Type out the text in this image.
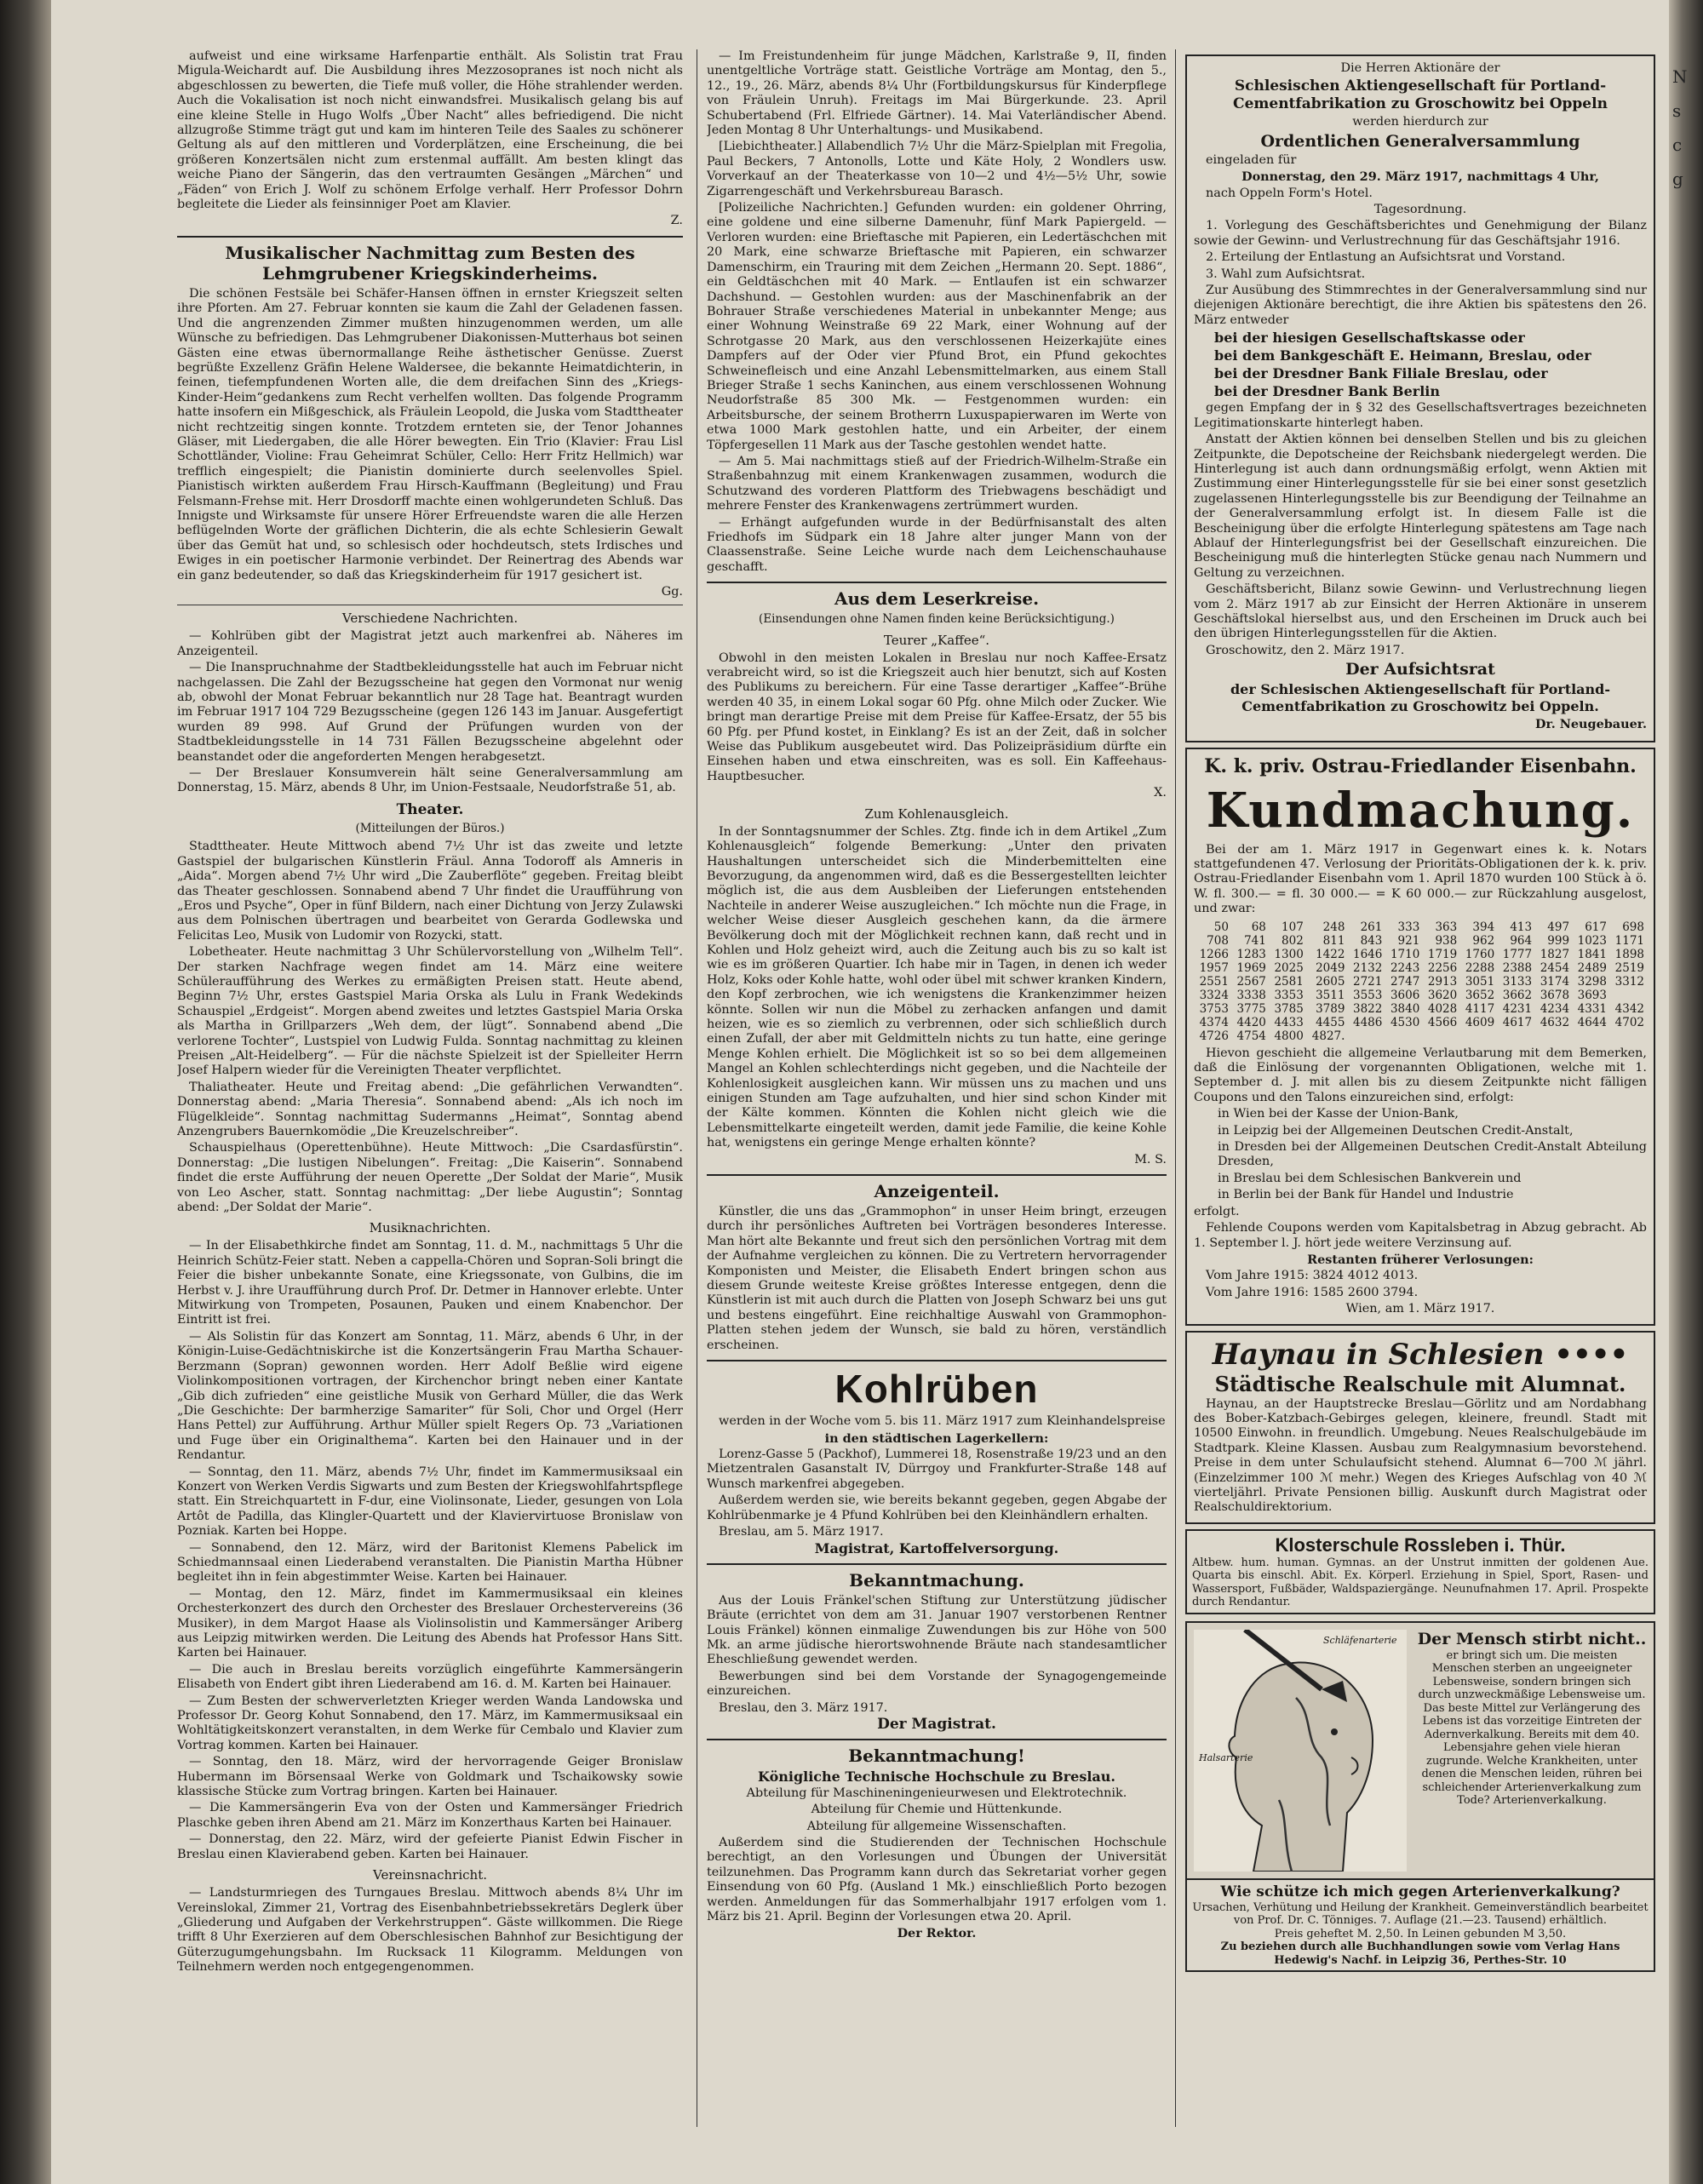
N
s
c
g

aufweist und eine wirksame Harfenpartie enthält. Als Solistin trat Frau Migula-Weichardt auf. Die Ausbildung ihres Mezzosopranes ist noch nicht als abgeschlossen zu bewerten, die Tiefe muß voller, die Höhe strahlender werden. Auch die Vokalisation ist noch nicht einwandsfrei. Musikalisch gelang bis auf eine kleine Stelle in Hugo Wolfs „Über Nacht“ alles befriedigend. Die nicht allzugroße Stimme trägt gut und kam im hinteren Teile des Saales zu schönerer Geltung als auf den mittleren und Vorderplätzen, eine Erscheinung, die bei größeren Konzertsälen nicht zum erstenmal auffällt. Am besten klingt das weiche Piano der Sängerin, das den vertraumten Gesängen „Märchen“ und „Fäden“ von Erich J. Wolf zu schönem Erfolge verhalf. Herr Professor Dohrn begleitete die Lieder als feinsinniger Poet am Klavier.

Z.

Musikalischer Nachmittag zum Besten des Lehmgrubener Kriegskinderheims.

Die schönen Festsäle bei Schäfer-Hansen öffnen in ernster Kriegszeit selten ihre Pforten. Am 27. Februar konnten sie kaum die Zahl der Geladenen fassen. Und die angrenzenden Zimmer mußten hinzugenommen werden, um alle Wünsche zu befriedigen. Das Lehmgrubener Diakonissen-Mutterhaus bot seinen Gästen eine etwas übernormallange Reihe ästhetischer Genüsse. Zuerst begrüßte Exzellenz Gräfin Helene Waldersee, die bekannte Heimatdichterin, in feinen, tiefempfundenen Worten alle, die dem dreifachen Sinn des „Kriegs-Kinder-Heim“gedankens zum Recht verhelfen wollten. Das folgende Programm hatte insofern ein Mißgeschick, als Fräulein Leopold, die Juska vom Stadttheater nicht rechtzeitig singen konnte. Trotzdem ernteten sie, der Tenor Johannes Gläser, mit Liedergaben, die alle Hörer bewegten. Ein Trio (Klavier: Frau Lisl Schottländer, Violine: Frau Geheimrat Schüler, Cello: Herr Fritz Hellmich) war trefflich eingespielt; die Pianistin dominierte durch seelenvolles Spiel. Pianistisch wirkten außerdem Frau Hirsch-Kauffmann (Begleitung) und Frau Felsmann-Frehse mit. Herr Drosdorff machte einen wohlgerundeten Schluß. Das Innigste und Wirksamste für unsere Hörer Erfreuendste waren die alle Herzen beflügelnden Worte der gräflichen Dichterin, die als echte Schlesierin Gewalt über das Gemüt hat und, so schlesisch oder hochdeutsch, stets Irdisches und Ewiges in ein poetischer Harmonie verbindet. Der Reinertrag des Abends war ein ganz bedeutender, so daß das Kriegskinderheim für 1917 gesichert ist.

Gg.

Verschiedene Nachrichten.

— Kohlrüben gibt der Magistrat jetzt auch markenfrei ab. Näheres im Anzeigenteil.

— Die Inanspruchnahme der Stadtbekleidungsstelle hat auch im Februar nicht nachgelassen. Die Zahl der Bezugsscheine hat gegen den Vormonat nur wenig ab, obwohl der Monat Februar bekanntlich nur 28 Tage hat. Beantragt wurden im Februar 1917 104 729 Bezugsscheine (gegen 126 143 im Januar. Ausgefertigt wurden 89 998. Auf Grund der Prüfungen wurden von der Stadtbekleidungsstelle in 14 731 Fällen Bezugsscheine abgelehnt oder beanstandet oder die angeforderten Mengen herabgesetzt.

— Der Breslauer Konsumverein hält seine Generalversammlung am Donnerstag, 15. März, abends 8 Uhr, im Union-Festsaale, Neudorfstraße 51, ab.

Theater.

(Mitteilungen der Büros.)

Stadttheater. Heute Mittwoch abend 7½ Uhr ist das zweite und letzte Gastspiel der bulgarischen Künstlerin Fräul. Anna Todoroff als Amneris in „Aida“. Morgen abend 7½ Uhr wird „Die Zauberflöte“ gegeben. Freitag bleibt das Theater geschlossen. Sonnabend abend 7 Uhr findet die Uraufführung von „Eros und Psyche“, Oper in fünf Bildern, nach einer Dichtung von Jerzy Zulawski aus dem Polnischen übertragen und bearbeitet von Gerarda Godlewska und Felicitas Leo, Musik von Ludomir von Rozycki, statt.

Lobetheater. Heute nachmittag 3 Uhr Schülervorstellung von „Wilhelm Tell“. Der starken Nachfrage wegen findet am 14. März eine weitere Schüleraufführung des Werkes zu ermäßigten Preisen statt. Heute abend, Beginn 7½ Uhr, erstes Gastspiel Maria Orska als Lulu in Frank Wedekinds Schauspiel „Erdgeist“. Morgen abend zweites und letztes Gastspiel Maria Orska als Martha in Grillparzers „Weh dem, der lügt“. Sonnabend abend „Die verlorene Tochter“, Lustspiel von Ludwig Fulda. Sonntag nachmittag zu kleinen Preisen „Alt-Heidelberg“. — Für die nächste Spielzeit ist der Spielleiter Herrn Josef Halpern wieder für die Vereinigten Theater verpflichtet.

Thaliatheater. Heute und Freitag abend: „Die gefährlichen Verwandten“. Donnerstag abend: „Maria Theresia“. Sonnabend abend: „Als ich noch im Flügelkleide“. Sonntag nachmittag Sudermanns „Heimat“, Sonntag abend Anzengrubers Bauernkomödie „Die Kreuzelschreiber“.

Schauspielhaus (Operettenbühne). Heute Mittwoch: „Die Csardasfürstin“. Donnerstag: „Die lustigen Nibelungen“. Freitag: „Die Kaiserin“. Sonnabend findet die erste Aufführung der neuen Operette „Der Soldat der Marie“, Musik von Leo Ascher, statt. Sonntag nachmittag: „Der liebe Augustin“; Sonntag abend: „Der Soldat der Marie“.

Musiknachrichten.

— In der Elisabethkirche findet am Sonntag, 11. d. M., nachmittags 5 Uhr die Heinrich Schütz-Feier statt. Neben a cappella-Chören und Sopran-Soli bringt die Feier die bisher unbekannte Sonate, eine Kriegssonate, von Gulbins, die im Herbst v. J. ihre Uraufführung durch Prof. Dr. Detmer in Hannover erlebte. Unter Mitwirkung von Trompeten, Posaunen, Pauken und einem Knabenchor. Der Eintritt ist frei.

— Als Solistin für das Konzert am Sonntag, 11. März, abends 6 Uhr, in der Königin-Luise-Gedächtniskirche ist die Konzertsängerin Frau Martha Schauer-Berzmann (Sopran) gewonnen worden. Herr Adolf Beßlie wird eigene Violinkompositionen vortragen, der Kirchenchor bringt neben einer Kantate „Gib dich zufrieden“ eine geistliche Musik von Gerhard Müller, die das Werk „Die Geschichte: Der barmherzige Samariter“ für Soli, Chor und Orgel (Herr Hans Pettel) zur Aufführung. Arthur Müller spielt Regers Op. 73 „Variationen und Fuge über ein Originalthema“. Karten bei den Hainauer und in der Rendantur.

— Sonntag, den 11. März, abends 7½ Uhr, findet im Kammermusiksaal ein Konzert von Werken Verdis Sigwarts und zum Besten der Kriegswohlfahrtspflege statt. Ein Streichquartett in F-dur, eine Violinsonate, Lieder, gesungen von Lola Artôt de Padilla, das Klingler-Quartett und der Klaviervirtuose Bronislaw von Pozniak. Karten bei Hoppe.

— Sonnabend, den 12. März, wird der Baritonist Klemens Pabelick im Schiedmannsaal einen Liederabend veranstalten. Die Pianistin Martha Hübner begleitet ihn in fein abgestimmter Weise. Karten bei Hainauer.

— Montag, den 12. März, findet im Kammermusiksaal ein kleines Orchesterkonzert des durch den Orchester des Breslauer Orchestervereins (36 Musiker), in dem Margot Haase als Violinsolistin und Kammersänger Ariberg aus Leipzig mitwirken werden. Die Leitung des Abends hat Professor Hans Sitt. Karten bei Hainauer.

— Die auch in Breslau bereits vorzüglich eingeführte Kammersängerin Elisabeth von Endert gibt ihren Liederabend am 16. d. M. Karten bei Hainauer.

— Zum Besten der schwerverletzten Krieger werden Wanda Landowska und Professor Dr. Georg Kohut Sonnabend, den 17. März, im Kammermusiksaal ein Wohltätigkeitskonzert veranstalten, in dem Werke für Cembalo und Klavier zum Vortrag kommen. Karten bei Hainauer.

— Sonntag, den 18. März, wird der hervorragende Geiger Bronislaw Hubermann im Börsensaal Werke von Goldmark und Tschaikowsky sowie klassische Stücke zum Vortrag bringen. Karten bei Hainauer.

— Die Kammersängerin Eva von der Osten und Kammersänger Friedrich Plaschke geben ihren Abend am 21. März im Konzerthaus Karten bei Hainauer.

— Donnerstag, den 22. März, wird der gefeierte Pianist Edwin Fischer in Breslau einen Klavierabend geben. Karten bei Hainauer.

Vereinsnachricht.

— Landsturmriegen des Turngaues Breslau. Mittwoch abends 8¼ Uhr im Vereinslokal, Zimmer 21, Vortrag des Eisenbahnbetriebssekretärs Deglerk über „Gliederung und Aufgaben der Verkehrstruppen“. Gäste willkommen. Die Riege trifft 8 Uhr Exerzieren auf dem Oberschlesischen Bahnhof zur Besichtigung der Güterzugumgehungsbahn. Im Rucksack 11 Kilogramm. Meldungen von Teilnehmern werden noch entgegengenommen.

— Im Freistundenheim für junge Mädchen, Karlstraße 9, II, finden unentgeltliche Vorträge statt. Geistliche Vorträge am Montag, den 5., 12., 19., 26. März, abends 8¼ Uhr (Fortbildungskursus für Kinderpflege von Fräulein Unruh). Freitags im Mai Bürgerkunde. 23. April Schubertabend (Frl. Elfriede Gärtner). 14. Mai Vaterländischer Abend. Jeden Montag 8 Uhr Unterhaltungs- und Musikabend.

[Liebichtheater.] Allabendlich 7½ Uhr die März-Spielplan mit Fregolia, Paul Beckers, 7 Antonolls, Lotte und Käte Holy, 2 Wondlers usw. Vorverkauf an der Theaterkasse von 10—2 und 4½—5½ Uhr, sowie Zigarrengeschäft und Verkehrsbureau Barasch.

[Polizeiliche Nachrichten.] Gefunden wurden: ein goldener Ohrring, eine goldene und eine silberne Damenuhr, fünf Mark Papiergeld. — Verloren wurden: eine Brieftasche mit Papieren, ein Ledertäschchen mit 20 Mark, eine schwarze Brieftasche mit Papieren, ein schwarzer Damenschirm, ein Trauring mit dem Zeichen „Hermann 20. Sept. 1886“, ein Geldtäschchen mit 40 Mark. — Entlaufen ist ein schwarzer Dachshund. — Gestohlen wurden: aus der Maschinenfabrik an der Bohrauer Straße verschiedenes Material in unbekannter Menge; aus einer Wohnung Weinstraße 69 22 Mark, einer Wohnung auf der Schrotgasse 20 Mark, aus den verschlossenen Heizerkajüte eines Dampfers auf der Oder vier Pfund Brot, ein Pfund gekochtes Schweinefleisch und eine Anzahl Lebensmittelmarken, aus einem Stall Brieger Straße 1 sechs Kaninchen, aus einem verschlossenen Wohnung Neudorfstraße 85 300 Mk. — Festgenommen wurden: ein Arbeitsbursche, der seinem Brotherrn Luxuspapierwaren im Werte von etwa 1000 Mark gestohlen hatte, und ein Arbeiter, der einem Töpfergesellen 11 Mark aus der Tasche gestohlen wendet hatte.

— Am 5. Mai nachmittags stieß auf der Friedrich-Wilhelm-Straße ein Straßenbahnzug mit einem Krankenwagen zusammen, wodurch die Schutzwand des vorderen Plattform des Triebwagens beschädigt und mehrere Fenster des Krankenwagens zertrümmert wurden.

— Erhängt aufgefunden wurde in der Bedürfnisanstalt des alten Friedhofs im Südpark ein 18 Jahre alter junger Mann von der Claassenstraße. Seine Leiche wurde nach dem Leichenschauhause geschafft.

Aus dem Leserkreise.

(Einsendungen ohne Namen finden keine Berücksichtigung.)

Teurer „Kaffee“.

Obwohl in den meisten Lokalen in Breslau nur noch Kaffee-Ersatz verabreicht wird, so ist die Kriegszeit auch hier benutzt, sich auf Kosten des Publikums zu bereichern. Für eine Tasse derartiger „Kaffee“-Brühe werden 40 35, in einem Lokal sogar 60 Pfg. ohne Milch oder Zucker. Wie bringt man derartige Preise mit dem Preise für Kaffee-Ersatz, der 55 bis 60 Pfg. per Pfund kostet, in Einklang? Es ist an der Zeit, daß in solcher Weise das Publikum ausgebeutet wird. Das Polizeipräsidium dürfte ein Einsehen haben und etwa einschreiten, was es soll. Ein Kaffeehaus-Hauptbesucher.

X.

Zum Kohlenausgleich.

In der Sonntagsnummer der Schles. Ztg. finde ich in dem Artikel „Zum Kohlenausgleich“ folgende Bemerkung: „Unter den privaten Haushaltungen unterscheidet sich die Minderbemittelten eine Bevorzugung, da angenommen wird, daß es die Bessergestellten leichter möglich ist, die aus dem Ausbleiben der Lieferungen entstehenden Nachteile in anderer Weise auszugleichen.“ Ich möchte nun die Frage, in welcher Weise dieser Ausgleich geschehen kann, da die ärmere Bevölkerung doch mit der Möglichkeit rechnen kann, daß recht und in Kohlen und Holz geheizt wird, auch die Zeitung auch bis zu so kalt ist wie es im größeren Quartier. Ich habe mir in Tagen, in denen ich weder Holz, Koks oder Kohle hatte, wohl oder übel mit schwer kranken Kindern, den Kopf zerbrochen, wie ich wenigstens die Krankenzimmer heizen könnte. Sollen wir nun die Möbel zu zerhacken anfangen und damit heizen, wie es so ziemlich zu verbrennen, oder sich schließlich durch einen Zufall, der aber mit Geldmitteln nichts zu tun hatte, eine geringe Menge Kohlen erhielt. Die Möglichkeit ist so so bei dem allgemeinen Mangel an Kohlen schlechterdings nicht gegeben, und die Nachteile der Kohlenlosigkeit ausgleichen kann. Wir müssen uns zu machen und uns einigen Stunden am Tage aufzuhalten, und hier sind schon Kinder mit der Kälte kommen. Könnten die Kohlen nicht gleich wie die Lebensmittelkarte eingeteilt werden, damit jede Familie, die keine Kohle hat, wenigstens ein geringe Menge erhalten könnte?

M. S.

Anzeigenteil.

Künstler, die uns das „Grammophon“ in unser Heim bringt, erzeugen durch ihr persönliches Auftreten bei Vorträgen besonderes Interesse. Man hört alte Bekannte und freut sich den persönlichen Vortrag mit dem der Aufnahme vergleichen zu können. Die zu Vertretern hervorragender Komponisten und Meister, die Elisabeth Endert bringen schon aus diesem Grunde weiteste Kreise größtes Interesse entgegen, denn die Künstlerin ist mit auch durch die Platten von Joseph Schwarz bei uns gut und bestens eingeführt. Eine reichhaltige Auswahl von Grammophon-Platten stehen jedem der Wunsch, sie bald zu hören, verständlich erscheinen.

Kohlrüben

werden in der Woche vom 5. bis 11. März 1917 zum Kleinhandelspreise

in den städtischen Lagerkellern:

Lorenz-Gasse 5 (Packhof), Lummerei 18, Rosenstraße 19/23 und an den Mietzentralen Gasanstalt IV, Dürrgoy und Frankfurter-Straße 148 auf Wunsch markenfrei abgegeben.

Außerdem werden sie, wie bereits bekannt gegeben, gegen Abgabe der Kohlrübenmarke je 4 Pfund Kohlrüben bei den Kleinhändlern erhalten.

Breslau, am 5. März 1917.

Magistrat, Kartoffelversorgung.

Bekanntmachung.

Aus der Louis Fränkel'schen Stiftung zur Unterstützung jüdischer Bräute (errichtet von dem am 31. Januar 1907 verstorbenen Rentner Louis Fränkel) können einmalige Zuwendungen bis zur Höhe von 500 Mk. an arme jüdische hierortswohnende Bräute nach standesamtlicher Eheschließung gewendet werden.

Bewerbungen sind bei dem Vorstande der Synagogengemeinde einzureichen.

Breslau, den 3. März 1917.

Der Magistrat.

Bekanntmachung!

Königliche Technische Hochschule zu Breslau.

Abteilung für Maschineningenieurwesen und Elektrotechnik.

Abteilung für Chemie und Hüttenkunde.

Abteilung für allgemeine Wissenschaften.

Außerdem sind die Studierenden der Technischen Hochschule berechtigt, an den Vorlesungen und Übungen der Universität teilzunehmen. Das Programm kann durch das Sekretariat vorher gegen Einsendung von 60 Pfg. (Ausland 1 Mk.) einschließlich Porto bezogen werden. Anmeldungen für das Sommerhalbjahr 1917 erfolgen vom 1. März bis 21. April. Beginn der Vorlesungen etwa 20. April.

Der Rektor.

Die Herren Aktionäre der

Schlesischen Aktiengesellschaft für Portland-Cementfabrikation zu Groschowitz bei Oppeln

werden hierdurch zur

Ordentlichen Generalversammlung

eingeladen für

Donnerstag, den 29. März 1917, nachmittags 4 Uhr,

nach Oppeln Form's Hotel.

Tagesordnung.

1. Vorlegung des Geschäftsberichtes und Genehmigung der Bilanz sowie der Gewinn- und Verlustrechnung für das Geschäftsjahr 1916.

2. Erteilung der Entlastung an Aufsichtsrat und Vorstand.

3. Wahl zum Aufsichtsrat.

Zur Ausübung des Stimmrechtes in der Generalversammlung sind nur diejenigen Aktionäre berechtigt, die ihre Aktien bis spätestens den 26. März entweder

bei der hiesigen Gesellschaftskasse oder

bei dem Bankgeschäft E. Heimann, Breslau, oder

bei der Dresdner Bank Filiale Breslau, oder

bei der Dresdner Bank Berlin

gegen Empfang der in § 32 des Gesellschaftsvertrages bezeichneten Legitimationskarte hinterlegt haben.

Anstatt der Aktien können bei denselben Stellen und bis zu gleichen Zeitpunkte, die Depotscheine der Reichsbank niedergelegt werden. Die Hinterlegung ist auch dann ordnungsmäßig erfolgt, wenn Aktien mit Zustimmung einer Hinterlegungsstelle für sie bei einer sonst gesetzlich zugelassenen Hinterlegungsstelle bis zur Beendigung der Teilnahme an der Generalversammlung erfolgt ist. In diesem Falle ist die Bescheinigung über die erfolgte Hinterlegung spätestens am Tage nach Ablauf der Hinterlegungsfrist bei der Gesellschaft einzureichen. Die Bescheinigung muß die hinterlegten Stücke genau nach Nummern und Geltung zu verzeichnen.

Geschäftsbericht, Bilanz sowie Gewinn- und Verlustrechnung liegen vom 2. März 1917 ab zur Einsicht der Herren Aktionäre in unserem Geschäftslokal hierselbst aus, und den Erscheinen im Druck auch bei den übrigen Hinterlegungsstellen für die Aktien.

Groschowitz, den 2. März 1917.

Der Aufsichtsrat

der Schlesischen Aktiengesellschaft für Portland-Cementfabrikation zu Groschowitz bei Oppeln.

Dr. Neugebauer.

K. k. priv. Ostrau-Friedlander Eisenbahn.

Kundmachung.

Bei der am 1. März 1917 in Gegenwart eines k. k. Notars stattgefundenen 47. Verlosung der Prioritäts-Obligationen der k. k. priv. Ostrau-Friedlander Eisenbahn vom 1. April 1870 wurden 100 Stück à ö. W. fl. 300.— = fl. 30 000.— = K 60 000.— zur Rückzahlung ausgelost, und zwar:

50	68	107	248	261	333	363	394	413	497	617	698
708	741	802	811	843	921	938	962	964	999	1023	1171
1266	1283	1300	1422	1646	1710	1719	1760	1777	1827	1841	1898
1957	1969	2025	2049	2132	2243	2256	2288	2388	2454	2489	2519
2551	2567	2581	2605	2721	2747	2913	3051	3133	3174	3298	3312
3324	3338	3353	3511	3553	3606	3620	3652	3662	3678	3693	
3753	3775	3785	3789	3822	3840	4028	4117	4231	4234	4331	4342
4374	4420	4433	4455	4486	4530	4566	4609	4617	4632	4644	4702
4726	4754	4800	4827.								

Hievon geschieht die allgemeine Verlautbarung mit dem Bemerken, daß die Einlösung der vorgenannten Obligationen, welche mit 1. September d. J. mit allen bis zu diesem Zeitpunkte nicht fälligen Coupons und den Talons einzureichen sind, erfolgt:

in Wien bei der Kasse der Union-Bank,

in Leipzig bei der Allgemeinen Deutschen Credit-Anstalt,

in Dresden bei der Allgemeinen Deutschen Credit-Anstalt Abteilung Dresden,

in Breslau bei dem Schlesischen Bankverein und

in Berlin bei der Bank für Handel und Industrie

erfolgt.

Fehlende Coupons werden vom Kapitalsbetrag in Abzug gebracht. Ab 1. September l. J. hört jede weitere Verzinsung auf.

Restanten früherer Verlosungen:

Vom Jahre 1915: 3824 4012 4013.

Vom Jahre 1916: 1585 2600 3794.

Wien, am 1. März 1917.

Haynau in Schlesien ••••
Städtische Realschule mit Alumnat.

Haynau, an der Hauptstrecke Breslau—Görlitz und am Nordabhang des Bober-Katzbach-Gebirges gelegen, kleinere, freundl. Stadt mit 10500 Einwohn. in freundlich. Umgebung. Neues Realschulgebäude im Stadtpark. Kleine Klassen. Ausbau zum Realgymnasium bevorstehend. Preise in dem unter Schulaufsicht stehend. Alumnat 6—700 ℳ jährl. (Einzelzimmer 100 ℳ mehr.) Wegen des Krieges Aufschlag von 40 ℳ vierteljährl. Private Pensionen billig. Auskunft durch Magistrat oder Realschuldirektorium.

Klosterschule Rossleben i. Thür.
Altbew. hum. human. Gymnas. an der Unstrut inmitten der goldenen Aue. Quarta bis einschl. Abit. Ex. Körperl. Erziehung in Spiel, Sport, Rasen- und Wassersport, Fußbäder, Waldspaziergänge. Neunufnahmen 17. April. Prospekte durch Rendantur.
Schläfenarterie
Halsarterie
Der Mensch stirbt nicht..
er bringt sich um. Die meisten Menschen sterben an ungeeigneter Lebensweise, sondern bringen sich durch unzweckmäßige Lebensweise um. Das beste Mittel zur Verlängerung des Lebens ist das vorzeitige Eintreten der Adernverkalkung. Bereits mit dem 40. Lebensjahre gehen viele hieran zugrunde. Welche Krankheiten, unter denen die Menschen leiden, rühren bei schleichender Arterienverkalkung zum Tode? Arterienverkalkung.
Wie schütze ich mich gegen Arterienverkalkung?
Ursachen, Verhütung und Heilung der Krankheit. Gemeinverständlich bearbeitet von Prof. Dr. C. Tönniges. 7. Auflage (21.—23. Tausend) erhältlich.
Preis geheftet M. 2,50. In Leinen gebunden M 3,50.
Zu beziehen durch alle Buchhandlungen sowie vom Verlag Hans Hedewig's Nachf. in Leipzig 36, Perthes-Str. 10
